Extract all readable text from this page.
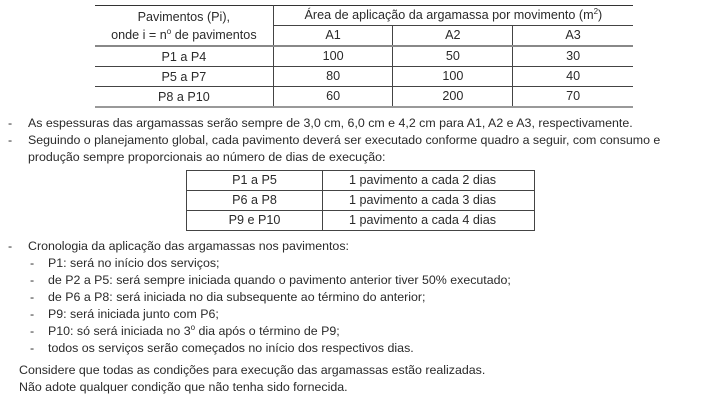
Pavimentos (Pi),
onde $i = n^o$ de pavimentos	Área de aplicação da argamassa por movimento $(m^2)$		
	A1	A2	A3
P1 a P4	100	50	30
P5 a P7	80	100	40
P8 a P10	60	200	70
- As espessuras das argamassas serão sempre de 3,0 cm, 6,0 cm e 4,2 cm para A1, A2 e A3, respectivamente.
- Seguindo o planejamento global, cada pavimento deverá ser executado conforme quadro a seguir, com consumo e
produção sempre proporcionais ao número de dias de execução:
P1 a P5	1 pavimento a cada 2 dias
P6 a P8	1 pavimento a cada 3 dias
P9 e P10	1 pavimento a cada 4 dias
- Cronologia da aplicação das argamassas nos pavimentos:
- P1: será no início dos serviços;
- de P2 a P5: será sempre iniciada quando o pavimento anterior tiver 50% executado;
- de P6 a P8: será iniciada no dia subsequente ao término do anterior;
- P9: será iniciada junto com P6;
- P10: só será iniciada no 3$^o$ dia após o término de P9;
- todos os serviços serão começados no início dos respectivos dias.
Considere que todas as condições para execução das argamassas estão realizadas.
Não adote qualquer condição que não tenha sido fornecida.
